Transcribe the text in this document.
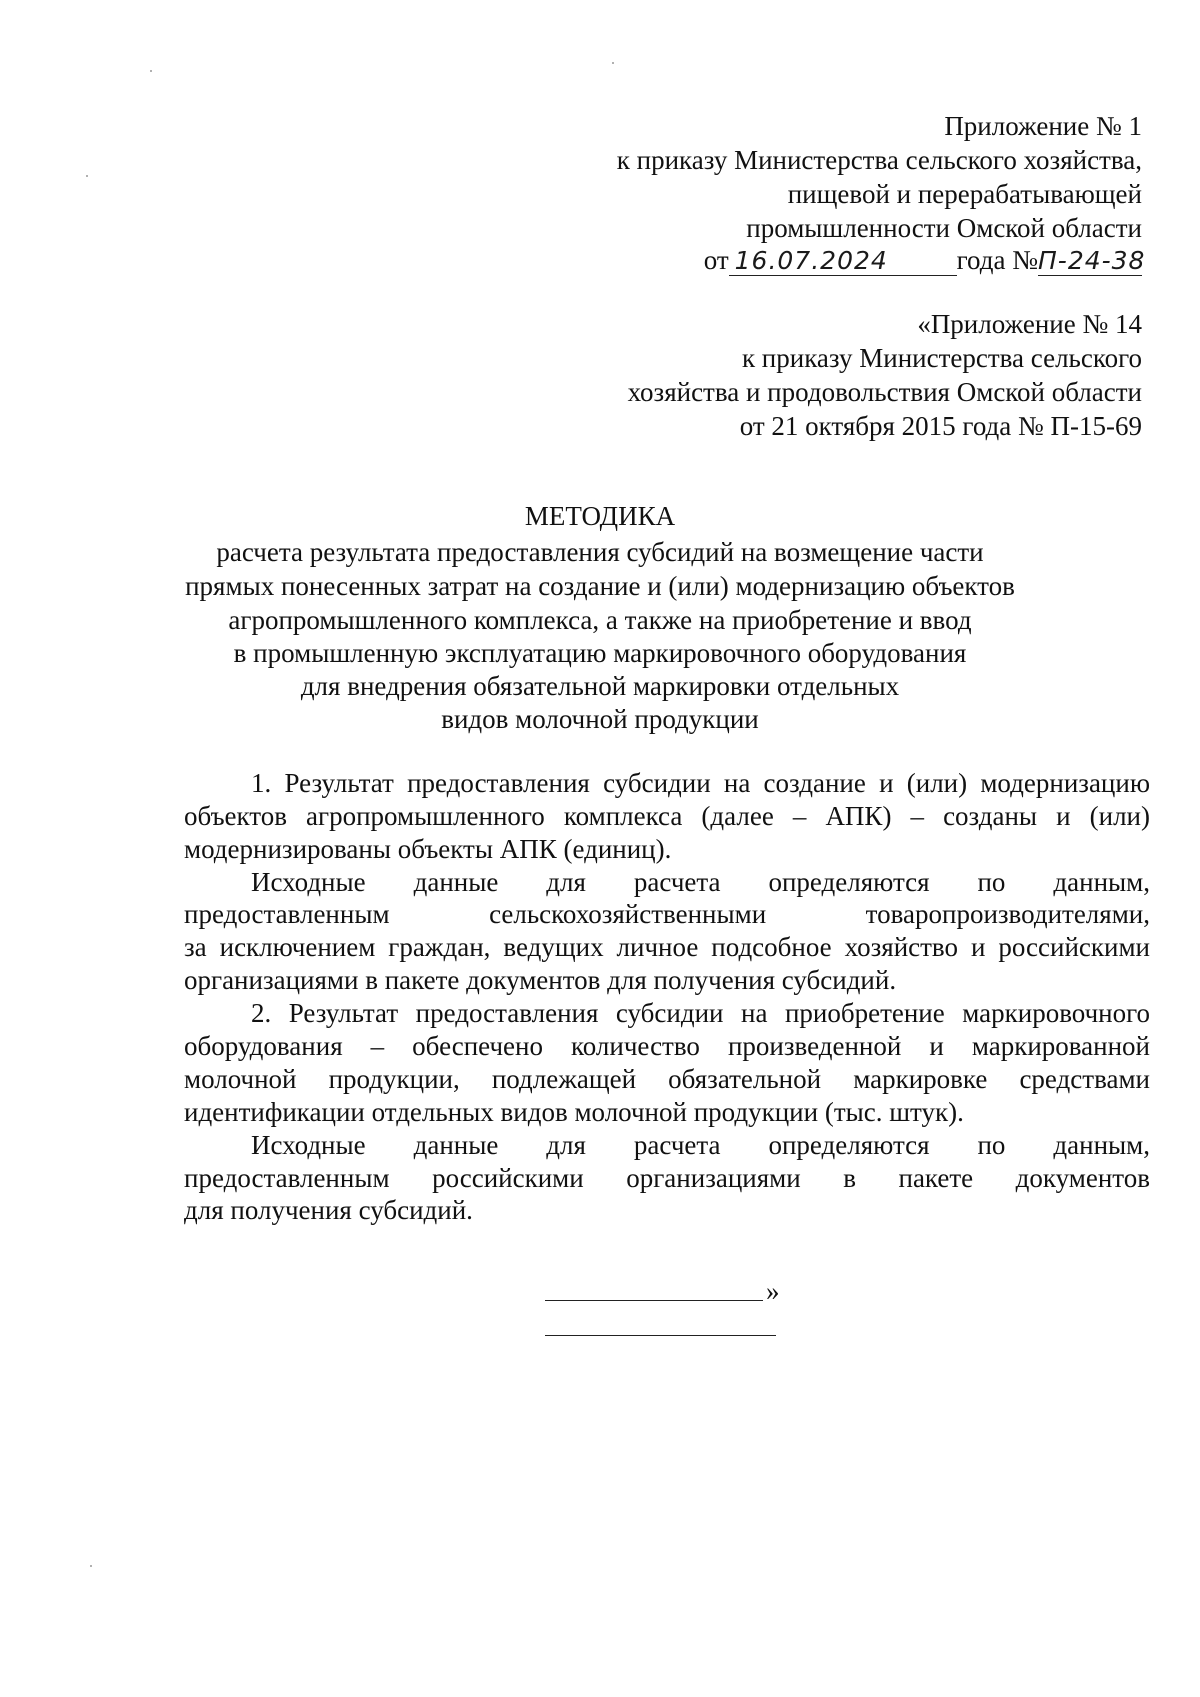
Приложение № 1
к приказу Министерства сельского хозяйства,
пищевой и перерабатывающей
промышленности Омской области
от 16.07.2024	года №П-24-38
«Приложение № 14
к приказу Министерства сельского
хозяйства и продовольствия Омской области
от 21 октября 2015 года № П-15-69
МЕТОДИКА
расчета результата предоставления субсидий на возмещение части
прямых понесенных затрат на создание и (или) модернизацию объектов
агропромышленного комплекса, а также на приобретение и ввод
в промышленную эксплуатацию маркировочного оборудования
для внедрения обязательной маркировки отдельных
видов молочной продукции
1. Результат предоставления субсидии на создание и (или) модернизацию
объектов агропромышленного комплекса (далее – АПК) – созданы и (или)
модернизированы объекты АПК (единиц).
Исходные данные для расчета определяются по данным,
предоставленным сельскохозяйственными товаропроизводителями,
за исключением граждан, ведущих личное подсобное хозяйство и российскими
организациями в пакете документов для получения субсидий.
2. Результат предоставления субсидии на приобретение маркировочного
оборудования – обеспечено количество произведенной и маркированной
молочной продукции, подлежащей обязательной маркировке средствами
идентификации отдельных видов молочной продукции (тыс. штук).
Исходные данные для расчета определяются по данным,
предоставленным российскими организациями в пакете документов
для получения субсидий.
»
